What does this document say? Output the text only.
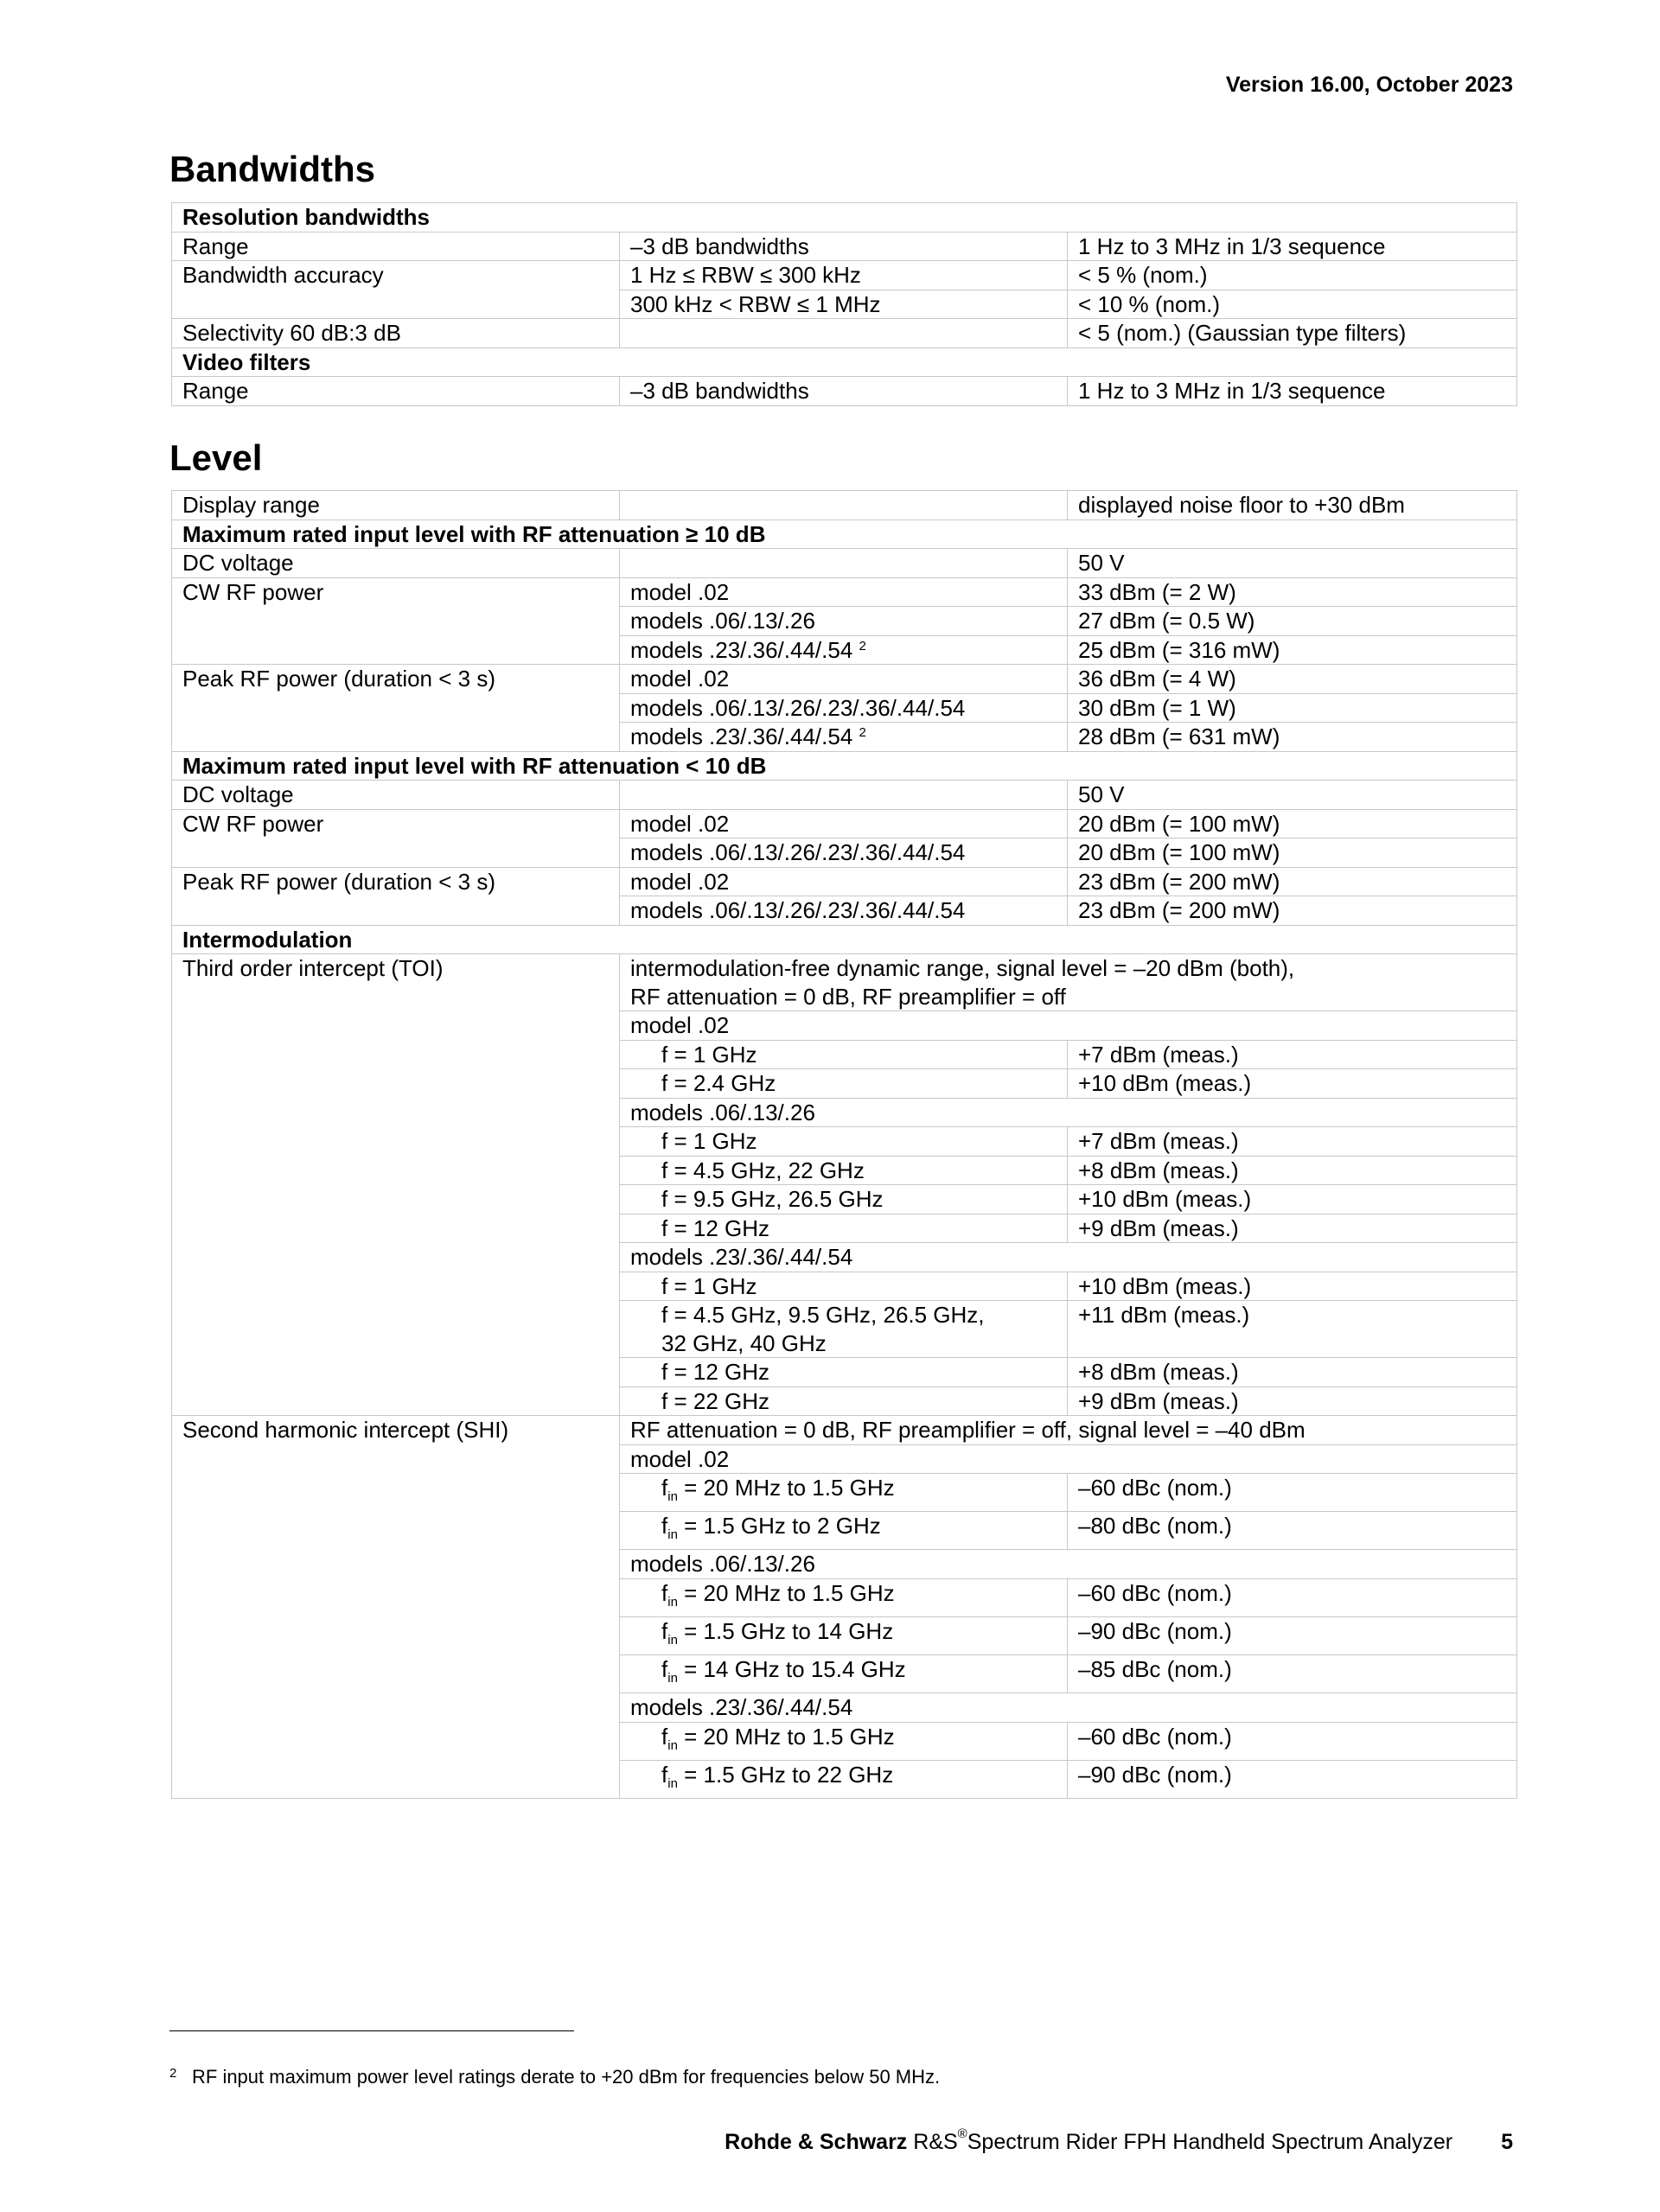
Version 16.00, October 2023
Bandwidths
Resolution bandwidths		
Range	–3 dB bandwidths	1 Hz to 3 MHz in 1/3 sequence
Bandwidth accuracy	1 Hz ≤ RBW ≤ 300 kHz	< 5 % (nom.)
	300 kHz < RBW ≤ 1 MHz	< 10 % (nom.)
Selectivity 60 dB:3 dB		< 5 (nom.) (Gaussian type filters)
Video filters		
Range	–3 dB bandwidths	1 Hz to 3 MHz in 1/3 sequence
Level
Display range		displayed noise floor to +30 dBm
Maximum rated input level with RF attenuation ≥ 10 dB		
DC voltage		50 V
CW RF power	model .02	33 dBm (= 2 W)
	models .06/.13/.26	27 dBm (= 0.5 W)
	models .23/.36/.44/.54 $^2$	25 dBm (= 316 mW)
Peak RF power (duration < 3 s)	model .02	36 dBm (= 4 W)
	models .06/.13/.26/.23/.36/.44/.54	30 dBm (= 1 W)
	models .23/.36/.44/.54 $^2$	28 dBm (= 631 mW)
Maximum rated input level with RF attenuation < 10 dB		
DC voltage		50 V
CW RF power	model .02	20 dBm (= 100 mW)
	models .06/.13/.26/.23/.36/.44/.54	20 dBm (= 100 mW)
Peak RF power (duration < 3 s)	model .02	23 dBm (= 200 mW)
	models .06/.13/.26/.23/.36/.44/.54	23 dBm (= 200 mW)
Intermodulation		
Third order intercept (TOI)	intermodulation-free dynamic range, signal level = –20 dBm (both),	
	RF attenuation = 0 dB, RF preamplifier = off	
	model .02	
	f = 1 GHz	+7 dBm (meas.)
	f = 2.4 GHz	+10 dBm (meas.)
	models .06/.13/.26	
	f = 1 GHz	+7 dBm (meas.)
	f = 4.5 GHz, 22 GHz	+8 dBm (meas.)
	f = 9.5 GHz, 26.5 GHz	+10 dBm (meas.)
	f = 12 GHz	+9 dBm (meas.)
	models .23/.36/.44/.54	
	f = 1 GHz	+10 dBm (meas.)
	f = 4.5 GHz, 9.5 GHz, 26.5 GHz,	+11 dBm (meas.)
	32 GHz, 40 GHz	
	f = 12 GHz	+8 dBm (meas.)
	f = 22 GHz	+9 dBm (meas.)
Second harmonic intercept (SHI)	RF attenuation = 0 dB, RF preamplifier = off, signal level = –40 dBm	
	model .02	
	$f_{in} = 20$ MHz to 1.5 GHz	–60 dBc (nom.)
	$f_{in} = 1.5$ GHz to 2 GHz	–80 dBc (nom.)
	models .06/.13/.26	
	$f_{in} = 20$ MHz to 1.5 GHz	–60 dBc (nom.)
	$f_{in} = 1.5$ GHz to 14 GHz	–90 dBc (nom.)
	$f_{in} = 14$ GHz to 15.4 GHz	–85 dBc (nom.)
	models .23/.36/.44/.54	
	$f_{in} = 20$ MHz to 1.5 GHz	–60 dBc (nom.)
	$f_{in} = 1.5$ GHz to 22 GHz	–90 dBc (nom.)
2 RF input maximum power level ratings derate to +20 dBm for frequencies below 50 MHz.
Rohde & Schwarz R&S®Spectrum Rider FPH Handheld Spectrum Analyzer 5
